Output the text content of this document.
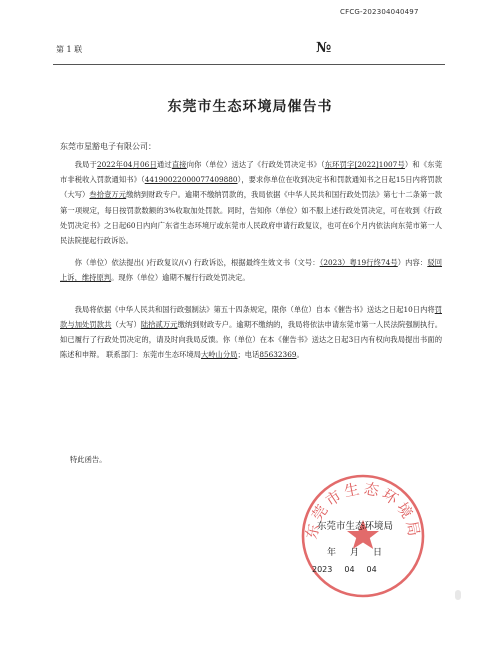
CFCG-202304040497
第 1 联	№
东莞市生态环境局催告书
东莞市星豁电子有限公司：

我局于2022年04月06日通过直接向你（单位）送达了《行政处罚决定书》（东环罚字[2022]1007号）和《东莞市非税收入罚款通知书》（44190022000077409880），要求你单位在收到决定书和罚款通知书之日起15日内将罚款（大写）叁拾壹万元缴纳到财政专户。逾期不缴纳罚款的，我局依据《中华人民共和国行政处罚法》第七十二条第一款第一项规定，每日按罚款数额的3%收取加处罚款。同时，告知你（单位）如不服上述行政处罚决定，可在收到《行政处罚决定书》之日起60日内向广东省生态环境厅或东莞市人民政府申请行政复议，也可在6个月内依法向东莞市第一人民法院提起行政诉讼。

你（单位）依法提出( )行政复议/(√) 行政诉讼，根据最终生效文书（文号：（2023）粤19行终74号）内容：驳回上诉，维持原判。现你（单位）逾期不履行行政处罚决定。

我局将依据《中华人民共和国行政强制法》第五十四条规定，限你（单位）自本《催告书》送达之日起10日内将罚款与加处罚款共（大写）陆拾贰万元缴纳到财政专户。逾期不缴纳的，我局将依法申请东莞市第一人民法院强制执行。如已履行了行政处罚决定的，请及时向我局反馈。你（单位）在本《催告书》送达之日起3日内有权向我局提出书面的陈述和申辩。 联系部门：东莞市生态环境局大岭山分局；电话85632369。

特此函告。
东莞市生态环境局
东莞市生态环境局
年 月 日
2023 04 04
